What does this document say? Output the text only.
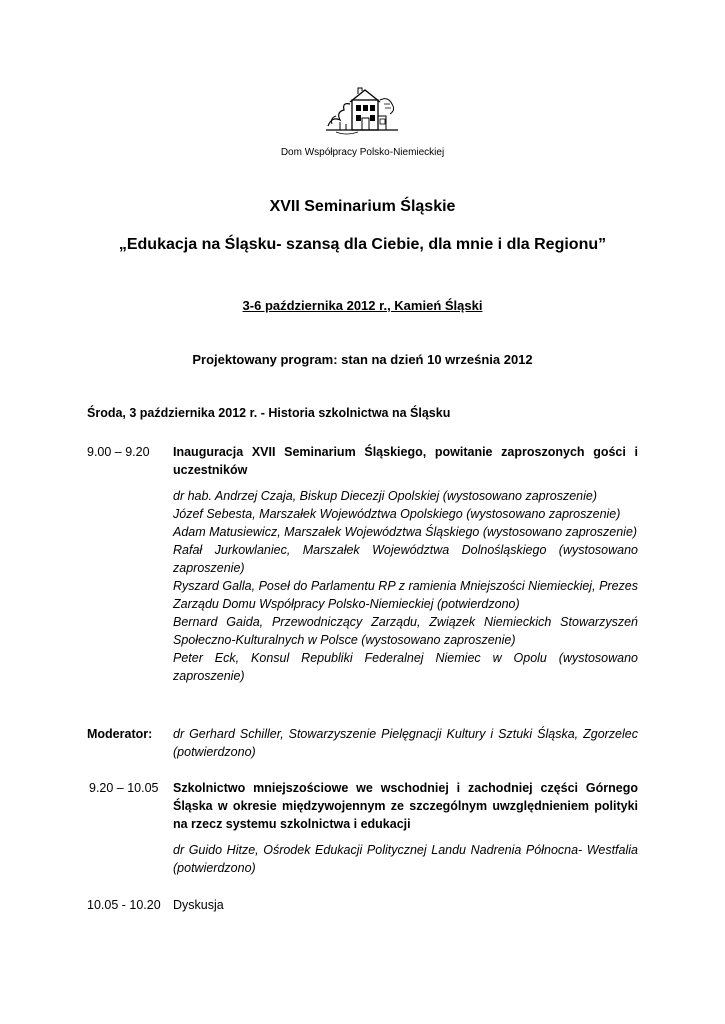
Dom Współpracy Polsko-Niemieckiej
XVII Seminarium Śląskie
„Edukacja na Śląsku- szansą dla Ciebie, dla mnie i dla Regionu”
3-6 października 2012 r., Kamień Śląski
Projektowany program: stan na dzień 10 września 2012
Środa, 3 października 2012 r. - Historia szkolnictwa na Śląsku
9.00 – 9.20 Inauguracja XVII Seminarium Śląskiego, powitanie zaproszonych gości i uczestników

dr hab. Andrzej Czaja, Biskup Diecezji Opolskiej (wystosowano zaproszenie)

Józef Sebesta, Marszałek Województwa Opolskiego (wystosowano zaproszenie)

Adam Matusiewicz, Marszałek Województwa Śląskiego (wystosowano zaproszenie)

Rafał Jurkowlaniec, Marszałek Województwa Dolnośląskiego (wystosowano zaproszenie)

Ryszard Galla, Poseł do Parlamentu RP z ramienia Mniejszości Niemieckiej, Prezes Zarządu Domu Współpracy Polsko-Niemieckiej (potwierdzono)

Bernard Gaida, Przewodniczący Zarządu, Związek Niemieckich Stowarzyszeń Społeczno-Kulturalnych w Polsce (wystosowano zaproszenie)

Peter Eck, Konsul Republiki Federalnej Niemiec w Opolu (wystosowano zaproszenie)

Moderator: dr Gerhard Schiller, Stowarzyszenie Pielęgnacji Kultury i Sztuki Śląska, Zgorzelec (potwierdzono)
9.20 – 10.05 Szkolnictwo mniejszościowe we wschodniej i zachodniej części Górnego Śląska w okresie międzywojennym ze szczególnym uwzględnieniem polityki na rzecz systemu szkolnictwa i edukacji

dr Guido Hitze, Ośrodek Edukacji Politycznej Landu Nadrenia Północna- Westfalia (potwierdzono)

10.05 - 10.20 Dyskusja
